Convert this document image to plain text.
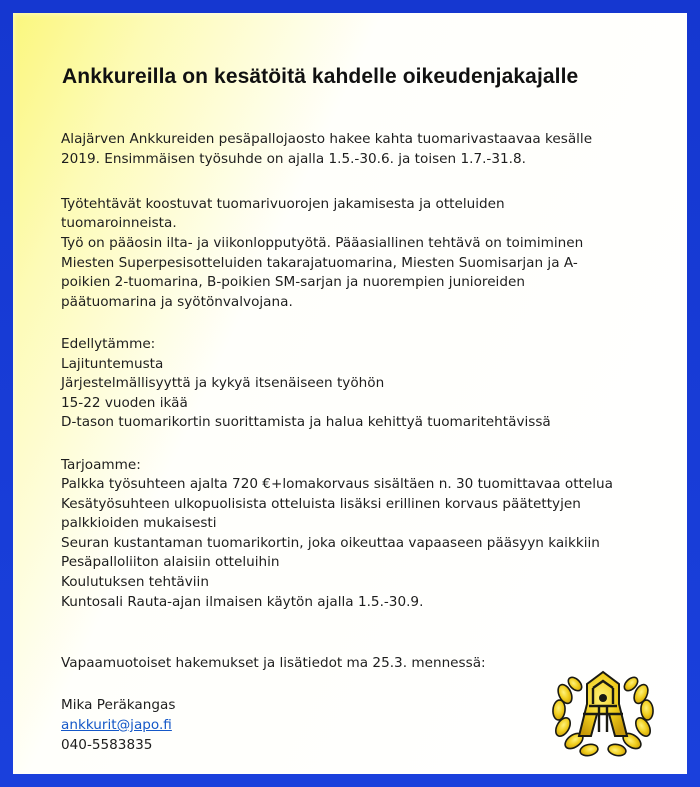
Ankkureilla on kesätöitä kahdelle oikeudenjakajalle

Alajärven Ankkureiden pesäpallojaosto hakee kahta tuomarivastaavaa kesälle

2019. Ensimmäisen työsuhde on ajalla 1.5.-30.6. ja toisen 1.7.-31.8.

Työtehtävät koostuvat tuomarivuorojen jakamisesta ja otteluiden

tuomaroinneista.

Työ on pääosin ilta- ja viikonlopputyötä. Pääasiallinen tehtävä on toimiminen

Miesten Superpesisotteluiden takarajatuomarina, Miesten Suomisarjan ja A-

poikien 2-tuomarina, B-poikien SM-sarjan ja nuorempien junioreiden

päätuomarina ja syötönvalvojana.

Edellytämme:

Lajituntemusta

Järjestelmällisyyttä ja kykyä itsenäiseen työhön

15-22 vuoden ikää

D-tason tuomarikortin suorittamista ja halua kehittyä tuomaritehtävissä

Tarjoamme:

Palkka työsuhteen ajalta 720 €+lomakorvaus sisältäen n. 30 tuomittavaa ottelua

Kesätyösuhteen ulkopuolisista otteluista lisäksi erillinen korvaus päätettyjen

palkkioiden mukaisesti

Seuran kustantaman tuomarikortin, joka oikeuttaa vapaaseen pääsyyn kaikkiin

Pesäpalloliiton alaisiin otteluihin

Koulutuksen tehtäviin

Kuntosali Rauta-ajan ilmaisen käytön ajalla 1.5.-30.9.

Vapaamuotoiset hakemukset ja lisätiedot ma 25.3. mennessä:

Mika Peräkangas

ankkurit@japo.fi

040-5583835
